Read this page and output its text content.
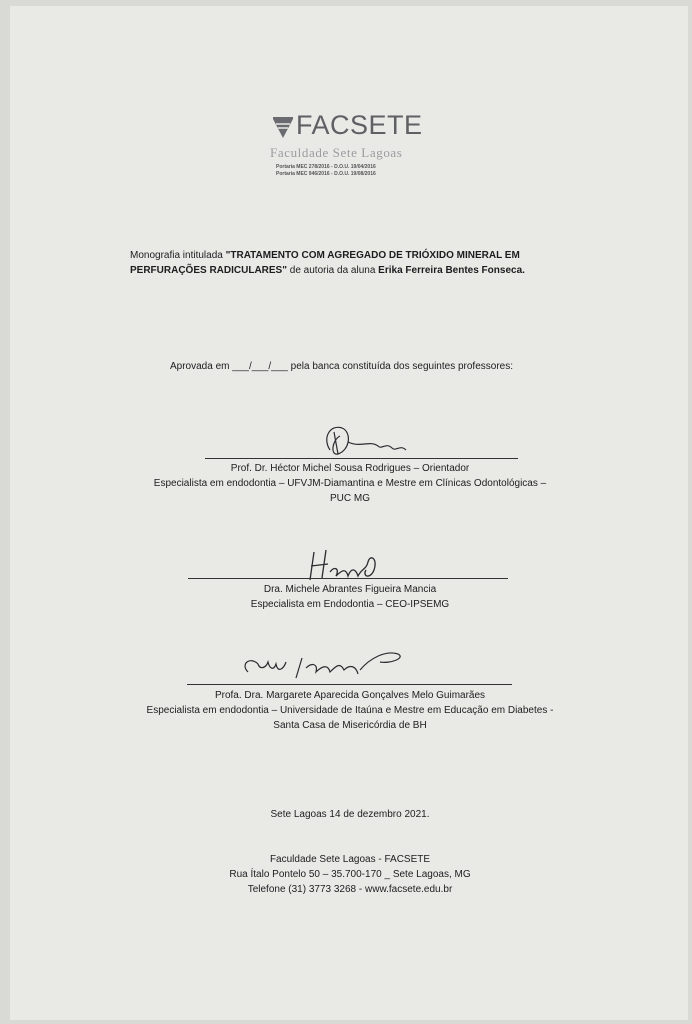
FACSETE
Faculdade Sete Lagoas
Portaria MEC 278/2016 - D.O.U. 19/04/2016
Portaria MEC 946/2016 - D.O.U. 19/08/2016
Monografia intitulada "TRATAMENTO COM AGREGADO DE TRIÓXIDO MINERAL EM PERFURAÇÕES RADICULARES" de autoria da aluna Erika Ferreira Bentes Fonseca.
Aprovada em ___/___/___ pela banca constituída dos seguintes professores:
Prof. Dr. Héctor Michel Sousa Rodrigues – Orientador
Especialista em endodontia – UFVJM-Diamantina e Mestre em Clínicas Odontológicas –
PUC MG
Dra. Michele Abrantes Figueira Mancia
Especialista em Endodontia – CEO-IPSEMG
Profa. Dra. Margarete Aparecida Gonçalves Melo Guimarães
Especialista em endodontia – Universidade de Itaúna e Mestre em Educação em Diabetes -
Santa Casa de Misericórdia de BH
Sete Lagoas 14 de dezembro 2021.
Faculdade Sete Lagoas - FACSETE
Rua Ítalo Pontelo 50 – 35.700-170 _ Sete Lagoas, MG
Telefone (31) 3773 3268 - www.facsete.edu.br
